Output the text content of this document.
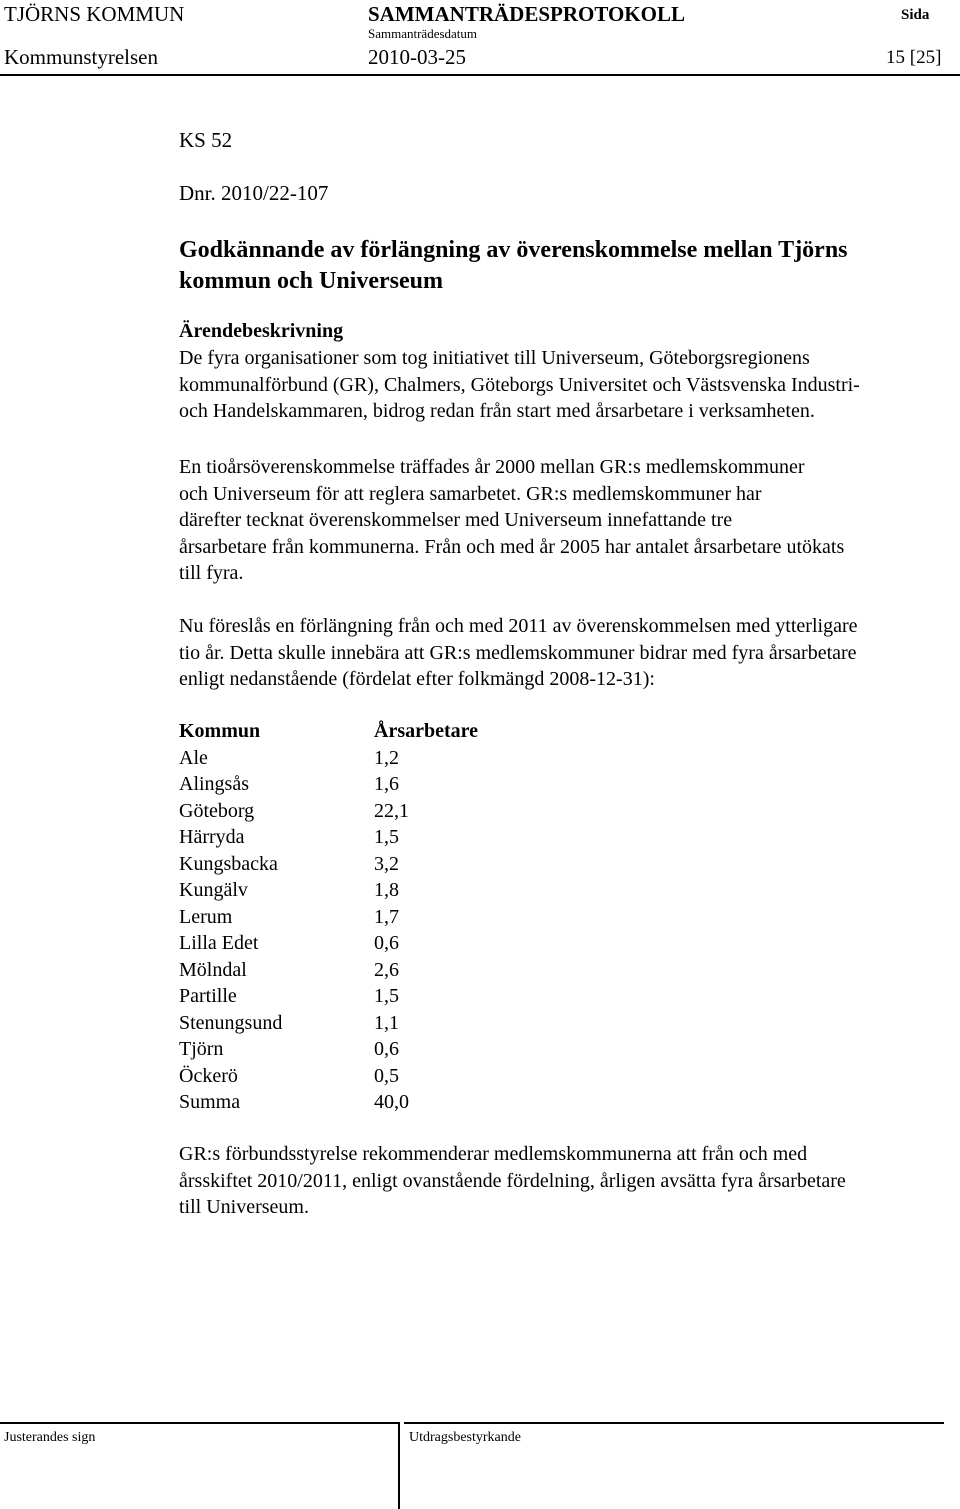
TJÖRNS KOMMUN	SAMMANTRÄDESPROTOKOLL	Sida
Sammanträdesdatum
Kommunstyrelsen	2010-03-25	15 [25]
KS 52
Dnr. 2010/22-107
Godkännande av förlängning av överenskommelse mellan Tjörns
kommun och Universeum
Ärendebeskrivning
De fyra organisationer som tog initiativet till Universeum, Göteborgsregionens
kommunalförbund (GR), Chalmers, Göteborgs Universitet och Västsvenska Industri-
och Handelskammaren, bidrog redan från start med årsarbetare i verksamheten.
En tioårsöverenskommelse träffades år 2000 mellan GR:s medlemskommuner
och Universeum för att reglera samarbetet. GR:s medlemskommuner har
därefter tecknat överenskommelser med Universeum innefattande tre
årsarbetare från kommunerna. Från och med år 2005 har antalet årsarbetare utökats
till fyra.
Nu föreslås en förlängning från och med 2011 av överenskommelsen med ytterligare
tio år. Detta skulle innebära att GR:s medlemskommuner bidrar med fyra årsarbetare
enligt nedanstående (fördelat efter folkmängd 2008-12-31):
Kommun	Årsarbetare
Ale	1,2
Alingsås	1,6
Göteborg	22,1
Härryda	1,5
Kungsbacka	3,2
Kungälv	1,8
Lerum	1,7
Lilla Edet	0,6
Mölndal	2,6
Partille	1,5
Stenungsund	1,1
Tjörn	0,6
Öckerö	0,5
Summa	40,0
GR:s förbundsstyrelse rekommenderar medlemskommunerna att från och med
årsskiftet 2010/2011, enligt ovanstående fördelning, årligen avsätta fyra årsarbetare
till Universeum.
Justerandes sign	Utdragsbestyrkande
